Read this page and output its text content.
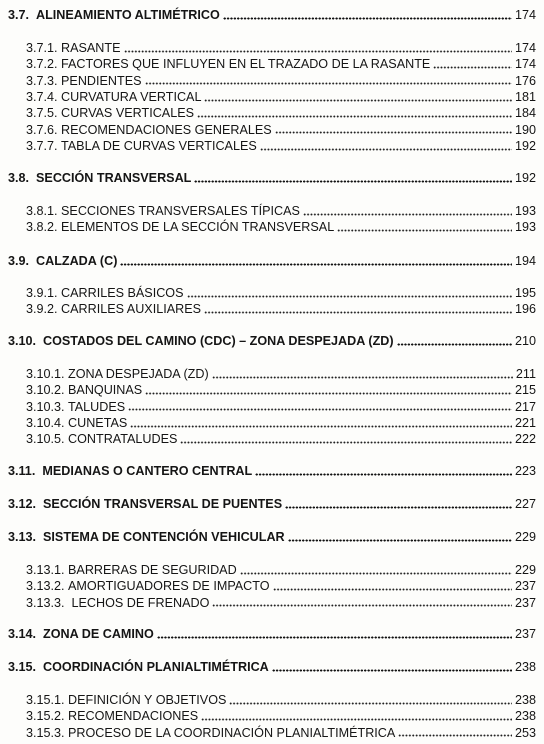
3.7. ALINEAMIENTO ALTIMÉTRICO	174
3.7.1. RASANTE	174
3.7.2. FACTORES QUE INFLUYEN EN EL TRAZADO DE LA RASANTE	174
3.7.3. PENDIENTES	176
3.7.4. CURVATURA VERTICAL	181
3.7.5. CURVAS VERTICALES	184
3.7.6. RECOMENDACIONES GENERALES	190
3.7.7. TABLA DE CURVAS VERTICALES	192
3.8. SECCIÓN TRANSVERSAL	192
3.8.1. SECCIONES TRANSVERSALES TÍPICAS	193
3.8.2. ELEMENTOS DE LA SECCIÓN TRANSVERSAL	193
3.9. CALZADA (C)	194
3.9.1. CARRILES BÁSICOS	195
3.9.2. CARRILES AUXILIARES	196
3.10. COSTADOS DEL CAMINO (CDC) – ZONA DESPEJADA (ZD)	210
3.10.1. ZONA DESPEJADA (ZD)	211
3.10.2. BANQUINAS	215
3.10.3. TALUDES	217
3.10.4. CUNETAS	221
3.10.5. CONTRATALUDES	222
3.11. MEDIANAS O CANTERO CENTRAL	223
3.12. SECCIÓN TRANSVERSAL DE PUENTES	227
3.13. SISTEMA DE CONTENCIÓN VEHICULAR	229
3.13.1. BARRERAS DE SEGURIDAD	229
3.13.2. AMORTIGUADORES DE IMPACTO	237
3.13.3.  LECHOS DE FRENADO	237
3.14. ZONA DE CAMINO	237
3.15. COORDINACIÓN PLANIALTIMÉTRICA	238
3.15.1. DEFINICIÓN Y OBJETIVOS	238
3.15.2. RECOMENDACIONES	238
3.15.3. PROCESO DE LA COORDINACIÓN PLANIALTIMÉTRICA	253
